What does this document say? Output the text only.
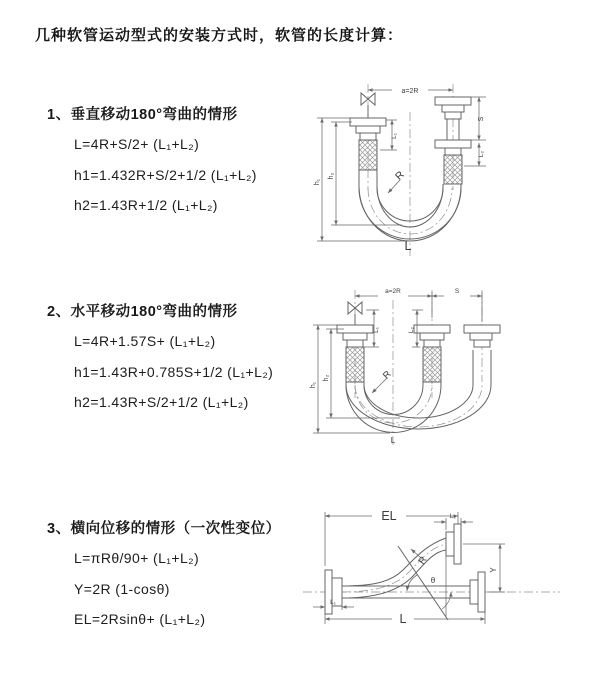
几种软管运动型式的安装方式时，软管的长度计算：
1、垂直移动180°弯曲的情形
L=4R+S/2+ (L₁+L₂)
h1=1.432R+S/2+1/2 (L₁+L₂)
h2=1.43R+1/2 (L₁+L₂)
2、水平移动180°弯曲的情形
L=4R+1.57S+ (L₁+L₂)
h1=1.43R+0.785S+1/2 (L₁+L₂)
h2=1.43R+S/2+1/2 (L₁+L₂)
3、横向位移的情形（一次性变位）
L=πRθ/90+ (L₁+L₂)
Y=2R (1-cosθ)
EL=2Rsinθ+ (L₁+L₂)
a=2R
S
L₂
L₁
h₁
h₂	R
L
a=2R	S
L₁	L₂
h₁
h₂	R
L
EL	L₂
Y
L
L₁
R
θ
